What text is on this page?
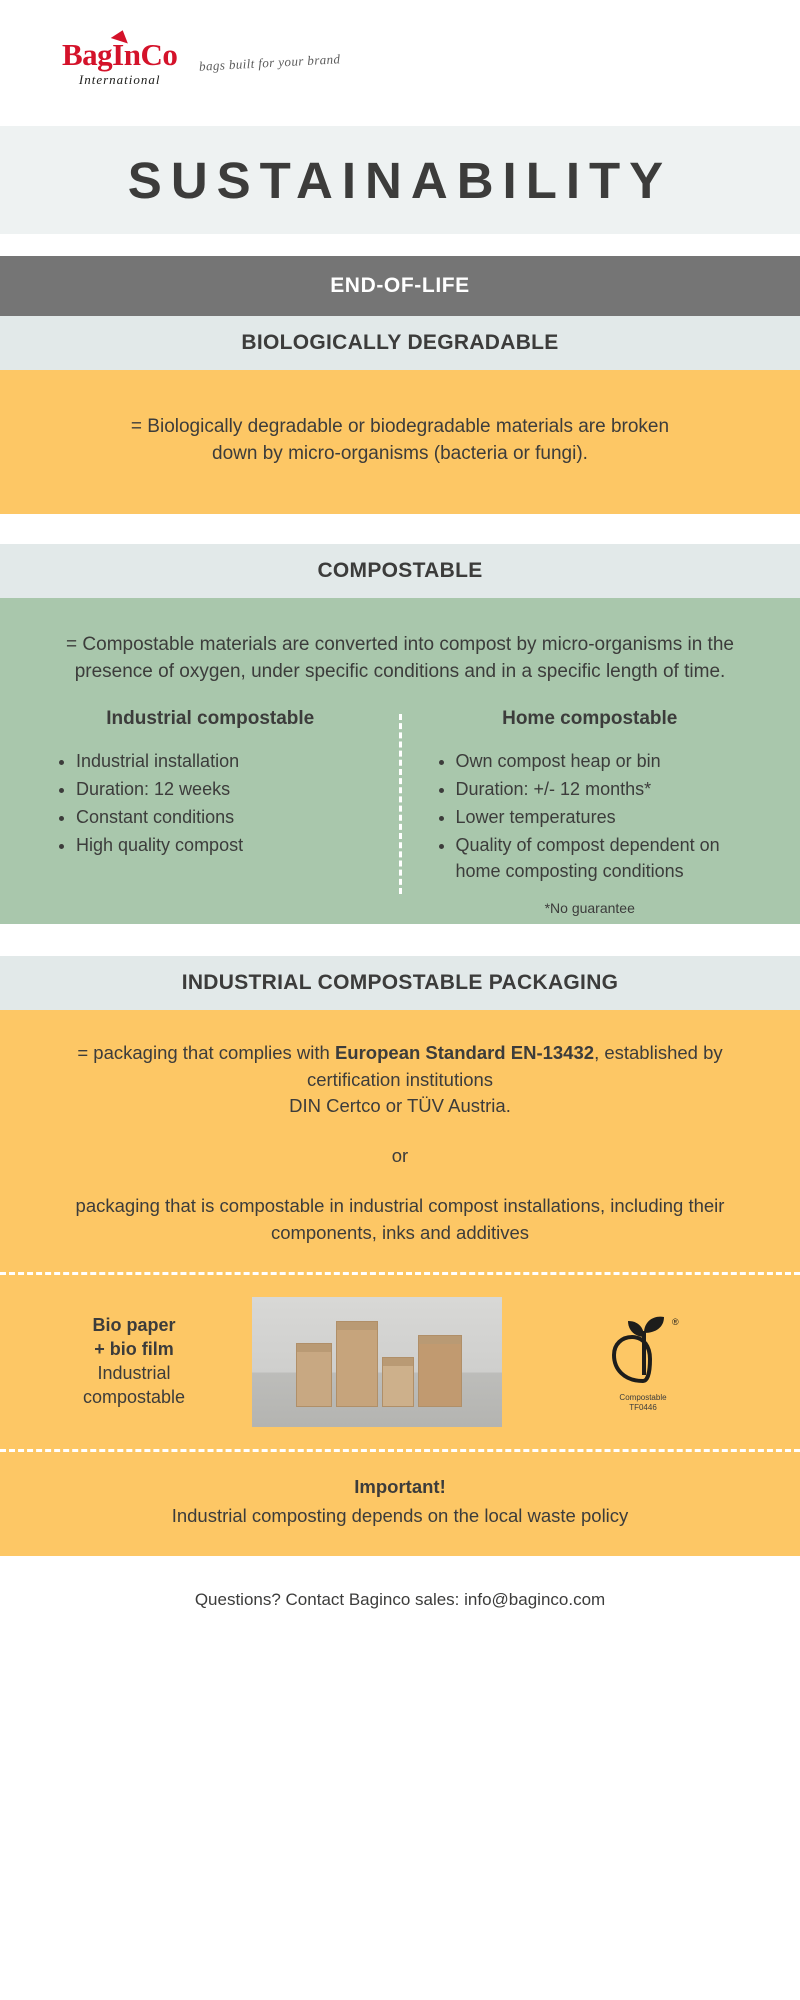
BagInCo
International
bags built for your brand
SUSTAINABILITY
END-OF-LIFE
BIOLOGICALLY DEGRADABLE
= Biologically degradable or biodegradable materials are broken down by micro-organisms (bacteria or fungi).
COMPOSTABLE
= Compostable materials are converted into compost by micro-organisms in the presence of oxygen, under specific conditions and in a specific length of time.
Industrial compostable
• Industrial installation
• Duration: 12 weeks
• Constant conditions
• High quality compost
Home compostable
• Own compost heap or bin
• Duration: +/- 12 months*
• Lower temperatures
• Quality of compost dependent on home composting conditions
*No guarantee
INDUSTRIAL COMPOSTABLE PACKAGING
= packaging that complies with European Standard EN-13432, established by certification institutions
DIN Certco or TÜV Austria.
or
packaging that is compostable in industrial compost installations, including their components, inks and additives
Bio paper
+ bio film
Industrial
compostable
®
Compostable
TF0446
Important!
Industrial composting depends on the local waste policy
Questions? Contact Baginco sales: info@baginco.com
